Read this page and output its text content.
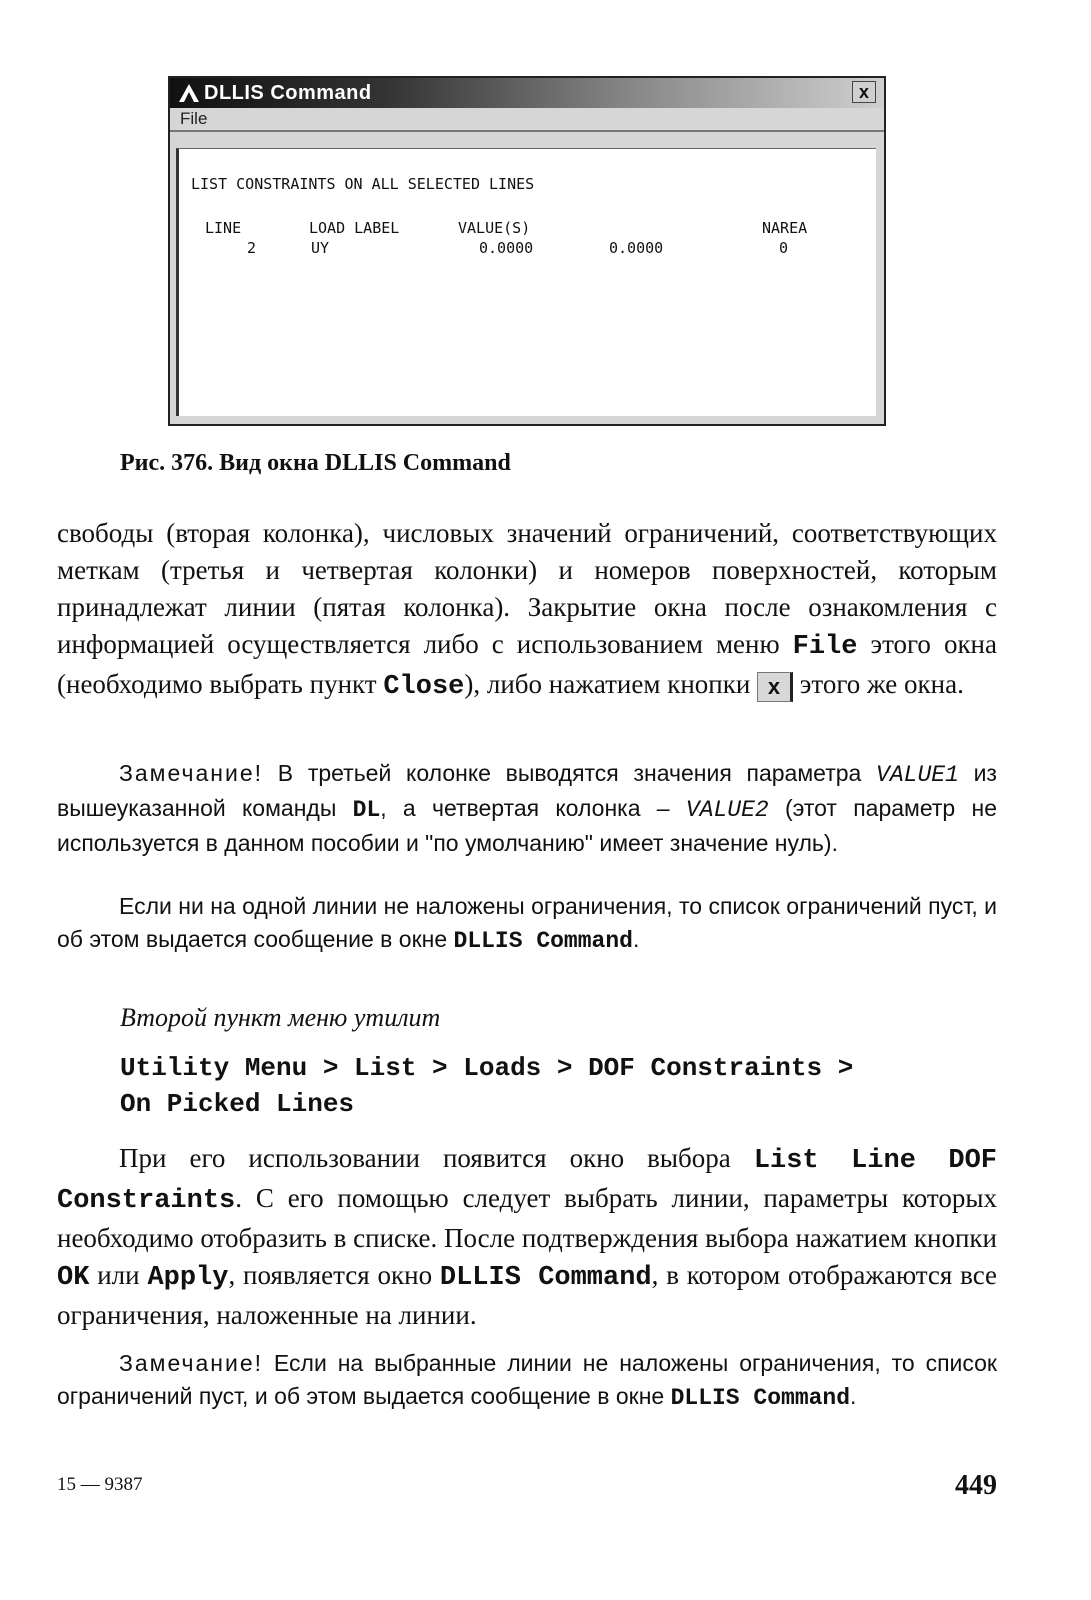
DLLIS Command	x
File
LIST CONSTRAINTS ON ALL SELECTED LINES
LINE	LOAD LABEL	VALUE(S)	NAREA
2	UY	0.0000	0.0000	0
Рис. 376. Вид окна DLLIS Command
свободы (вторая колонка), числовых значений ограничений, соответствующих меткам (третья и четвертая колонки) и номеров поверхностей, которым принадлежат линии (пятая колонка). Закрытие окна после ознакомления с информацией осуществляется либо с использованием меню File этого окна (необходимо выбрать пункт Close), либо нажатием кнопки x этого же окна.
Замечание! В третьей колонке выводятся значения параметра VALUE1 из вышеуказанной команды DL, а четвертая колонка – VALUE2 (этот параметр не используется в данном пособии и "по умолчанию" имеет значение нуль).
Если ни на одной линии не наложены ограничения, то список ограничений пуст, и об этом выдается сообщение в окне DLLIS Command.
Второй пункт меню утилит
Utility Menu > List > Loads > DOF Constraints >
On Picked Lines
При его использовании появится окно выбора List Line DOF Constraints. С его помощью следует выбрать линии, параметры которых необходимо отобразить в списке. После подтверждения выбора нажатием кнопки OK или Apply, появляется окно DLLIS Command, в котором отображаются все ограничения, наложенные на линии.
Замечание! Если на выбранные линии не наложены ограничения, то список ограничений пуст, и об этом выдается сообщение в окне DLLIS Command.
15 — 9387	449
